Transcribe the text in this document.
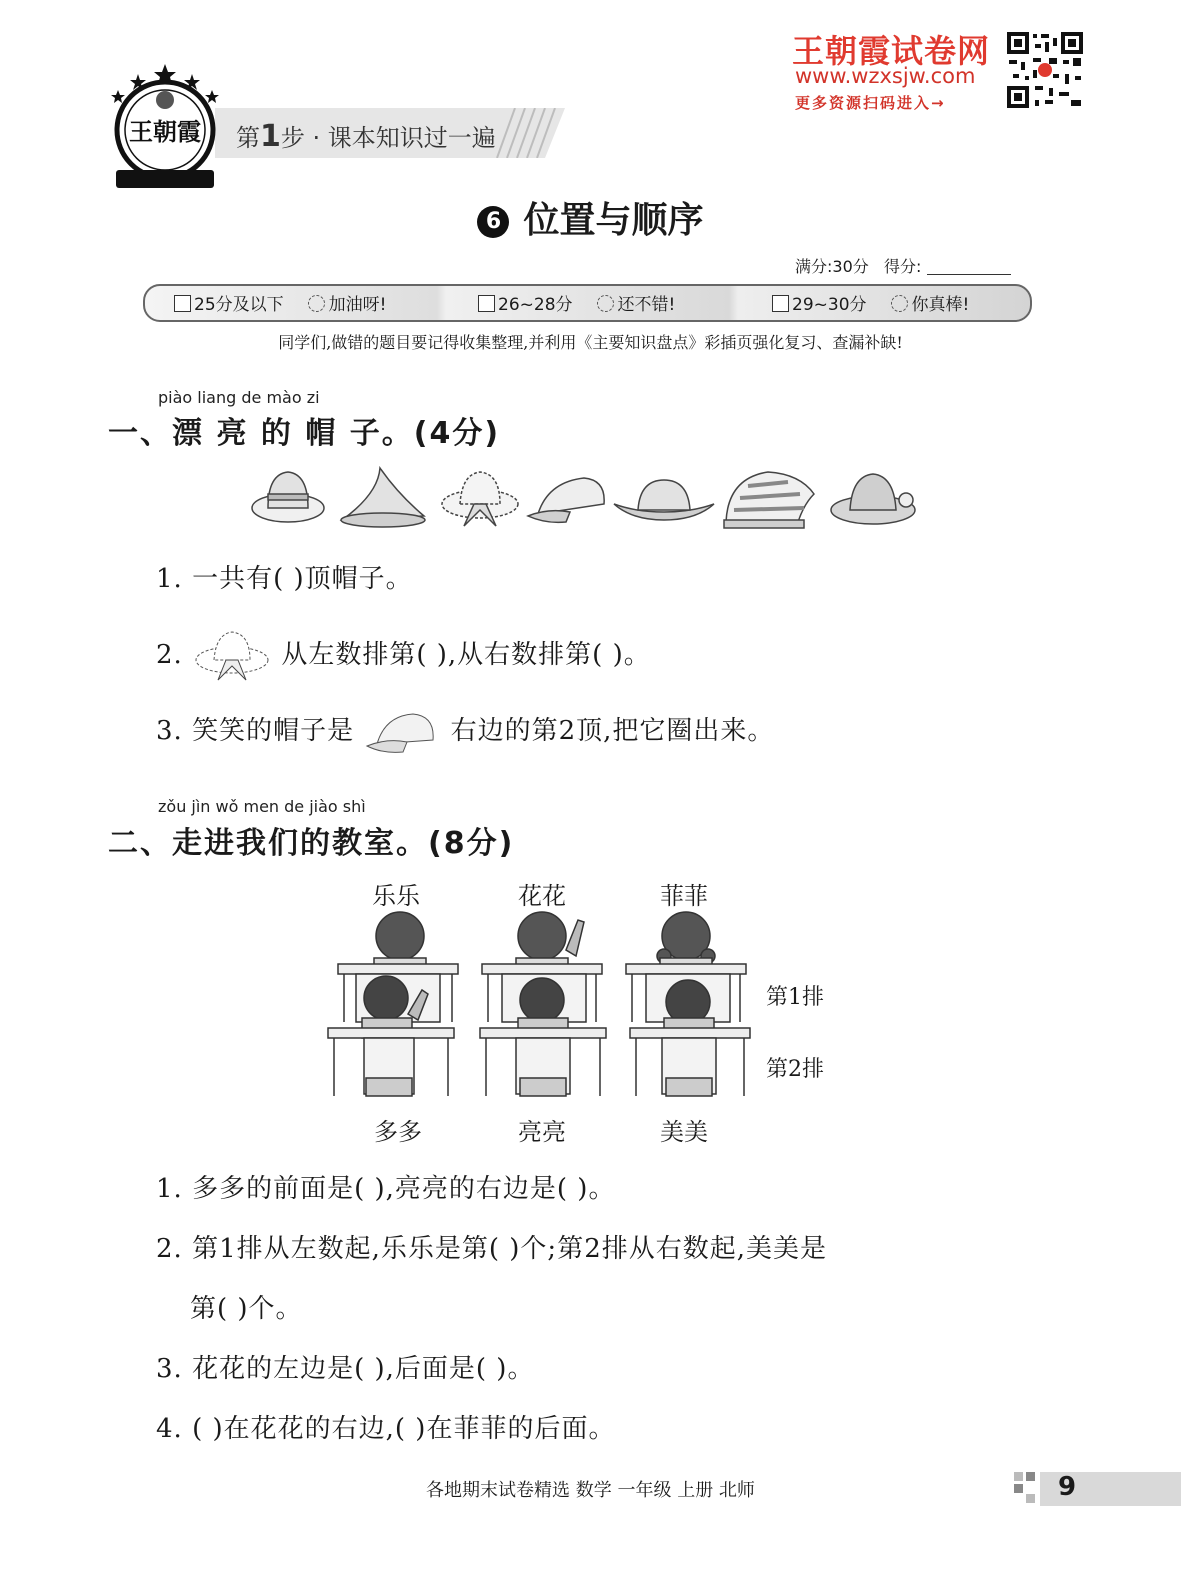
王朝霞试卷网
www.wzxsjw.com
更多资源扫码进入→
第1步 · 课本知识过一遍
王朝霞
6 位置与顺序
满分:30分 得分:
25分及以下	加油呀!	26~28分	还不错!	29~30分	你真棒!
同学们,做错的题目要记得收集整理,并利用《主要知识盘点》彩插页强化复习、查漏补缺!
piào liang de mào zi
一、漂 亮 的 帽 子。(4分)
1. 一共有( )顶帽子。
2.	从左数排第( ),从右数排第( )。
3. 笑笑的帽子是	右边的第2顶,把它圈出来。
zǒu jìn wǒ men de jiào shì
二、走进我们的教室。(8分)
乐乐	花花	菲菲
第1排
第2排
多多	亮亮	美美
1. 多多的前面是( ),亮亮的右边是( )。
2. 第1排从左数起,乐乐是第( )个;第2排从右数起,美美是
第( )个。
3. 花花的左边是( ),后面是( )。
4. ( )在花花的右边,( )在菲菲的后面。
各地期末试卷精选 数学 一年级 上册 北师	9
